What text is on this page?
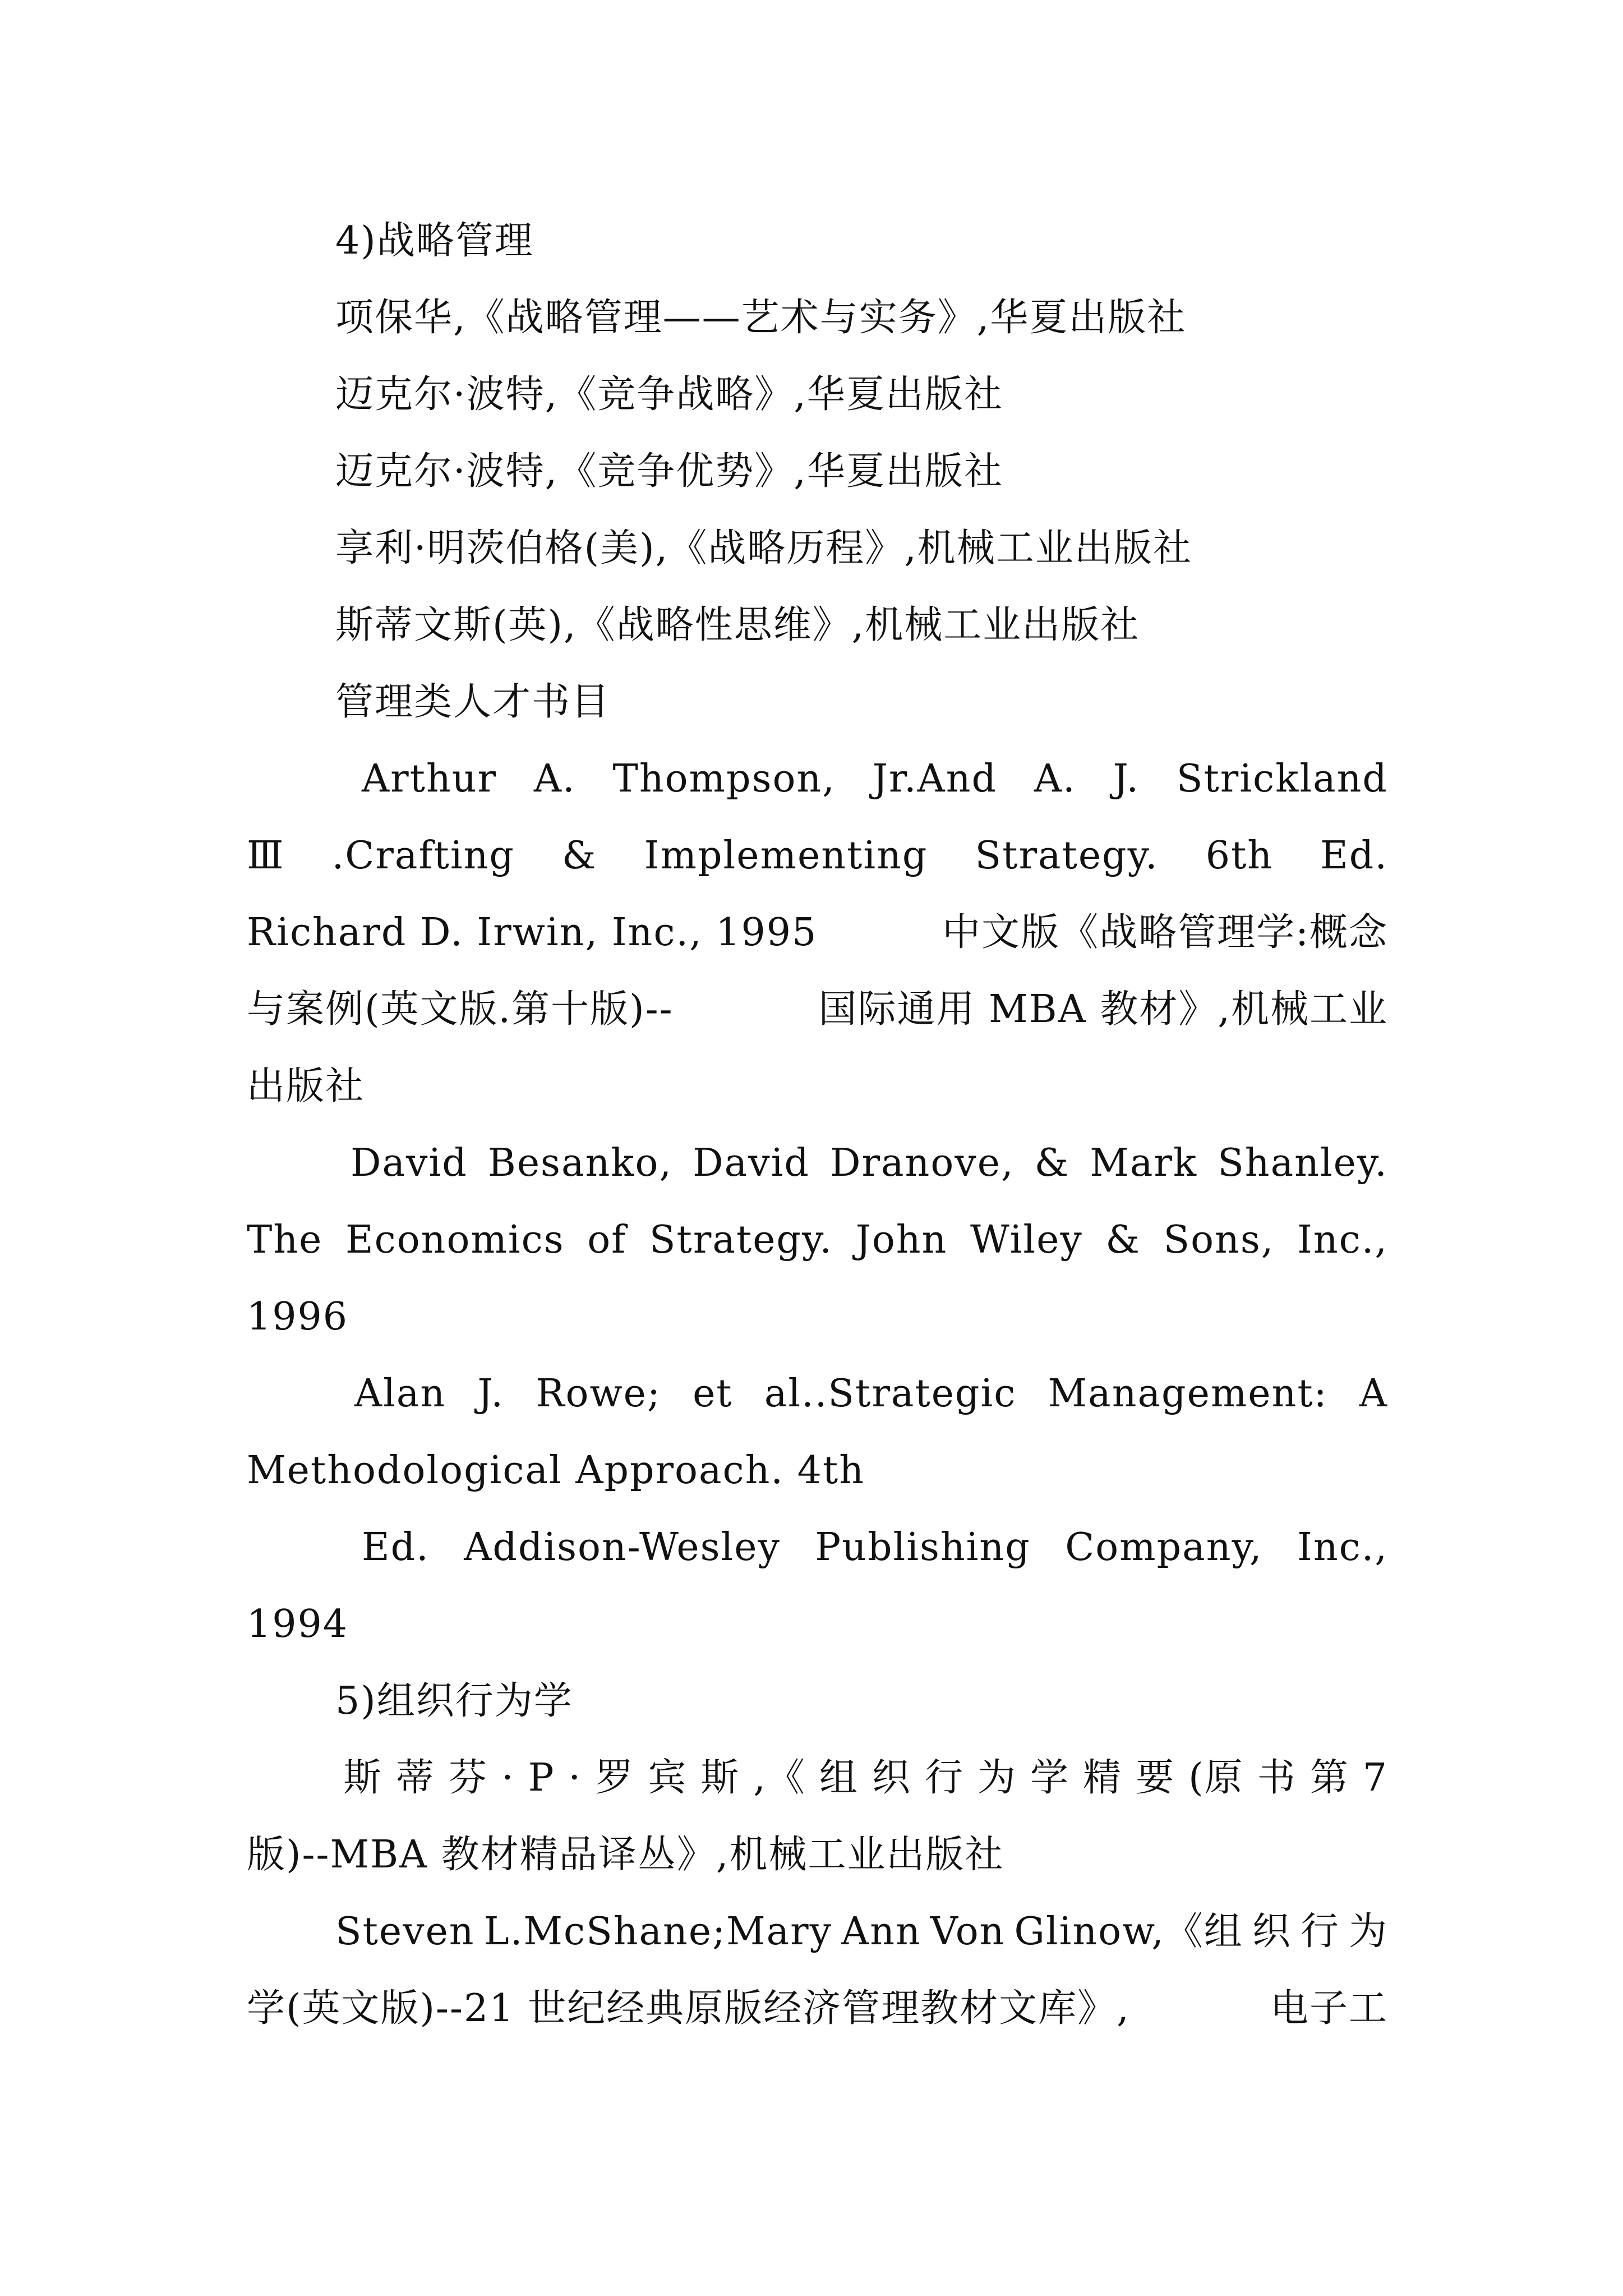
4)战略管理
项保华,《战略管理——艺术与实务》,华夏出版社
迈克尔·波特,《竞争战略》,华夏出版社
迈克尔·波特,《竞争优势》,华夏出版社
享利·明茨伯格(美),《战略历程》,机械工业出版社
斯蒂文斯(英),《战略性思维》,机械工业出版社
管理类人才书目
Arthur A. Thompson, Jr.And A. J. Strickland
Ⅲ .Crafting & Implementing Strategy. 6th Ed.
Richard D. Irwin, Inc., 1995	中文版《战略管理学:概念
与案例(英文版.第十版)--	国际通用 MBA 教材》,机械工业
出版社
David Besanko, David Dranove, & Mark Shanley.
The Economics of Strategy. John Wiley & Sons, Inc.,
1996
Alan J. Rowe; et al..Strategic Management: A
Methodological Approach. 4th
Ed. Addison-Wesley Publishing Company, Inc.,
1994
5)组织行为学
斯 蒂 芬 · P · 罗 宾 斯 ,《 组 织 行 为 学 精 要 (原 书 第 7
版)--MBA 教材精品译丛》,机械工业出版社
Steven L.McShane;Mary Ann Von Glinow,《组 织 行 为
学(英文版)--21 世纪经典原版经济管理教材文库》,	电子工
